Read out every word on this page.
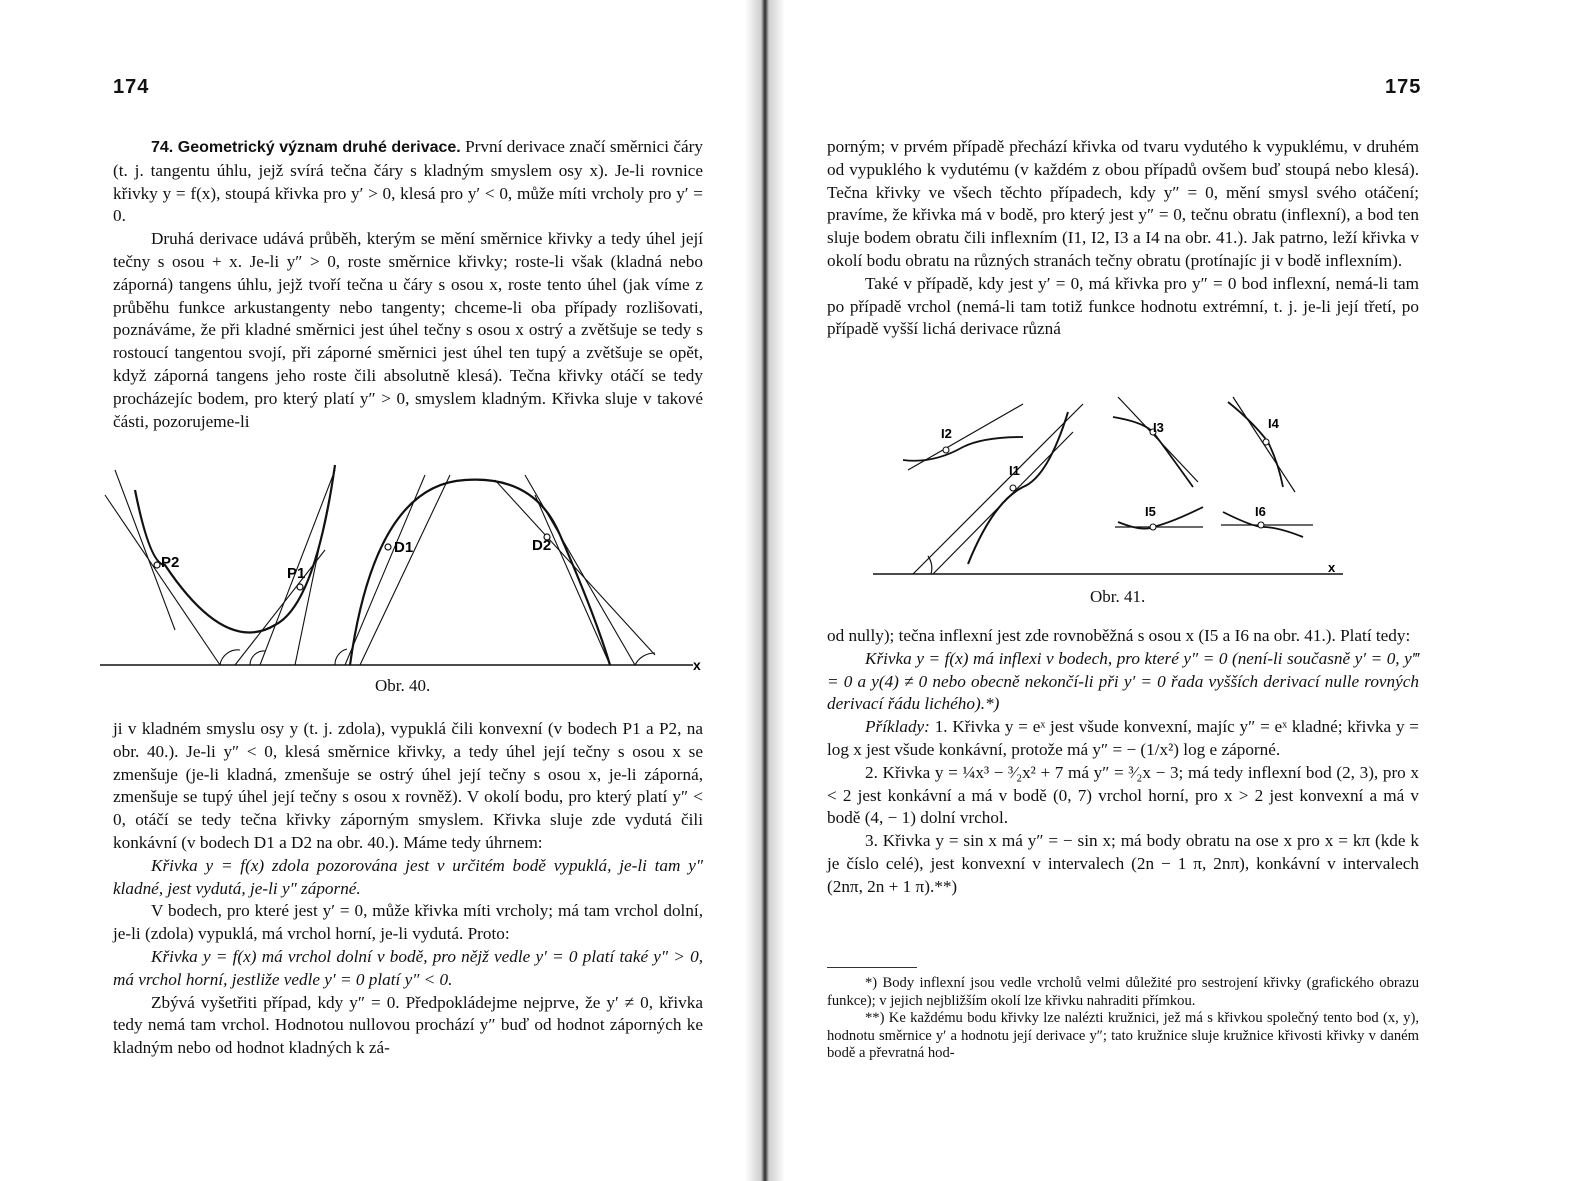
174

74. Geometrický význam druhé derivace. První derivace značí směrnici čáry (t. j. tangentu úhlu, jejž svírá tečna čáry s kladným smyslem osy x). Je-li rovnice křivky y = f(x), stoupá křivka pro y′ > 0, klesá pro y′ < 0, může míti vrcholy pro y′ = 0.

Druhá derivace udává průběh, kterým se mění směrnice křivky a tedy úhel její tečny s osou + x. Je-li y″ > 0, roste směrnice křivky; roste-li však (kladná nebo záporná) tangens úhlu, jejž tvoří tečna u čáry s osou x, roste tento úhel (jak víme z průběhu funkce arkustangenty nebo tangenty; chceme-li oba případy rozlišovati, poznáváme, že při kladné směrnici jest úhel tečny s osou x ostrý a zvětšuje se tedy s rostoucí tangentou svojí, při záporné směrnici jest úhel ten tupý a zvětšuje se opět, když záporná tangens jeho roste čili absolutně klesá). Tečna křivky otáčí se tedy procházejíc bodem, pro který platí y″ > 0, smyslem kladným. Křivka sluje v takové části, pozorujeme-li

P2
P1
D1	D2
x
Obr. 40.

ji v kladném smyslu osy y (t. j. zdola), vypuklá čili konvexní (v bodech P1 a P2, na obr. 40.). Je-li y″ < 0, klesá směrnice křivky, a tedy úhel její tečny s osou x se zmenšuje (je-li kladná, zmenšuje se ostrý úhel její tečny s osou x, je-li záporná, zmenšuje se tupý úhel její tečny s osou x rovněž). V okolí bodu, pro který platí y″ < 0, otáčí se tedy tečna křivky záporným smyslem. Křivka sluje zde vydutá čili konkávní (v bodech D1 a D2 na obr. 40.). Máme tedy úhrnem:

Křivka y = f(x) zdola pozorována jest v určitém bodě vypuklá, je-li tam y″ kladné, jest vydutá, je-li y″ záporné.

V bodech, pro které jest y′ = 0, může křivka míti vrcholy; má tam vrchol dolní, je-li (zdola) vypuklá, má vrchol horní, je-li vydutá. Proto:

Křivka y = f(x) má vrchol dolní v bodě, pro nějž vedle y′ = 0 platí také y″ > 0, má vrchol horní, jestliže vedle y′ = 0 platí y″ < 0.

Zbývá vyšetřiti případ, kdy y″ = 0. Předpokládejme nejprve, že y′ ≠ 0, křivka tedy nemá tam vrchol. Hodnotou nullovou prochází y″ buď od hodnot záporných ke kladným nebo od hodnot kladných k zá-

175

porným; v prvém případě přechází křivka od tvaru vydutého k vypuklému, v druhém od vypuklého k vydutému (v každém z obou případů ovšem buď stoupá nebo klesá). Tečna křivky ve všech těchto případech, kdy y″ = 0, mění smysl svého otáčení; pravíme, že křivka má v bodě, pro který jest y″ = 0, tečnu obratu (inflexní), a bod ten sluje bodem obratu čili inflexním (I1, I2, I3 a I4 na obr. 41.). Jak patrno, leží křivka v okolí bodu obratu na různých stranách tečny obratu (protínajíc ji v bodě inflexním).

Také v případě, kdy jest y′ = 0, má křivka pro y″ = 0 bod inflexní, nemá-li tam po případě vrchol (nemá-li tam totiž funkce hodnotu extrémní, t. j. je-li její třetí, po případě vyšší lichá derivace různá

I1
I2	I3	I4
I5	I6
x
Obr. 41.

od nully); tečna inflexní jest zde rovnoběžná s osou x (I5 a I6 na obr. 41.). Platí tedy:

Křivka y = f(x) má inflexi v bodech, pro které y″ = 0 (není-li současně y′ = 0, y‴ = 0 a y(4) ≠ 0 nebo obecně nekončí-li při y′ = 0 řada vyšších derivací nulle rovných derivací řádu lichého).*)

Příklady: 1. Křivka y = eˣ jest všude konvexní, majíc y″ = eˣ kladné; křivka y = log x jest všude konkávní, protože má y″ = − (1/x²) log e záporné.

2. Křivka y = ¼x³ − ³⁄₂x² + 7 má y″ = ³⁄₂x − 3; má tedy inflexní bod (2, 3), pro x < 2 jest konkávní a má v bodě (0, 7) vrchol horní, pro x > 2 jest konvexní a má v bodě (4, − 1) dolní vrchol.

3. Křivka y = sin x má y″ = − sin x; má body obratu na ose x pro x = kπ (kde k je číslo celé), jest konvexní v intervalech (2n − 1 π, 2nπ), konkávní v intervalech (2nπ, 2n + 1 π).**)

*) Body inflexní jsou vedle vrcholů velmi důležité pro sestrojení křivky (grafického obrazu funkce); v jejich nejbližším okolí lze křivku nahraditi přímkou.

**) Ke každému bodu křivky lze nalézti kružnici, jež má s křivkou společný tento bod (x, y), hodnotu směrnice y′ a hodnotu její derivace y″; tato kružnice sluje kružnice křivosti křivky v daném bodě a převratná hod-
